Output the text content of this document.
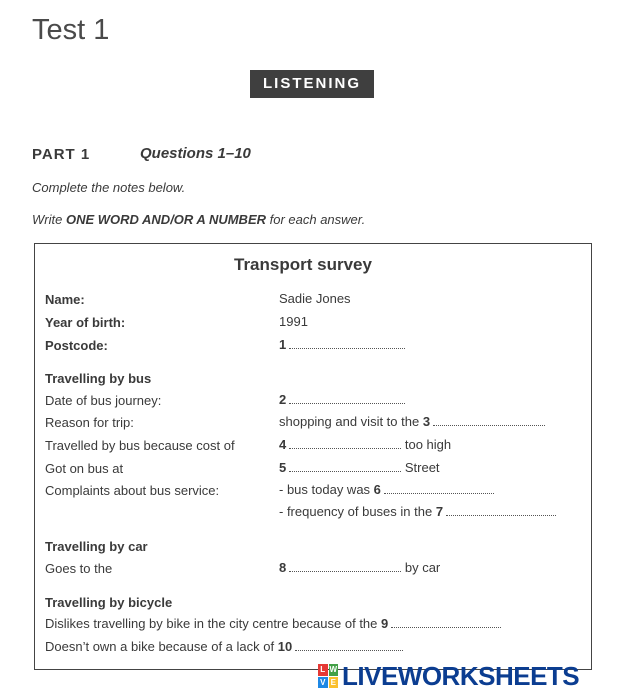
Test 1
LISTENING
PART 1	Questions 1–10
Complete the notes below.
Write ONE WORD AND/OR A NUMBER for each answer.
Transport survey
Name:	Sadie Jones
Year of birth:	1991
Postcode:	1
Travelling by bus
Date of bus journey:	2
Reason for trip:	shopping and visit to the 3
Travelled by bus because cost of	4	too high
Got on bus at	5	Street
Complaints about bus service:	- bus today was 6
- frequency of buses in the 7
Travelling by car
Goes to the	8	by car
Travelling by bicycle
Dislikes travelling by bike in the city centre because of the 9
Doesn’t own a bike because of a lack of 10
L W
V E LIVEWORKSHEETS
